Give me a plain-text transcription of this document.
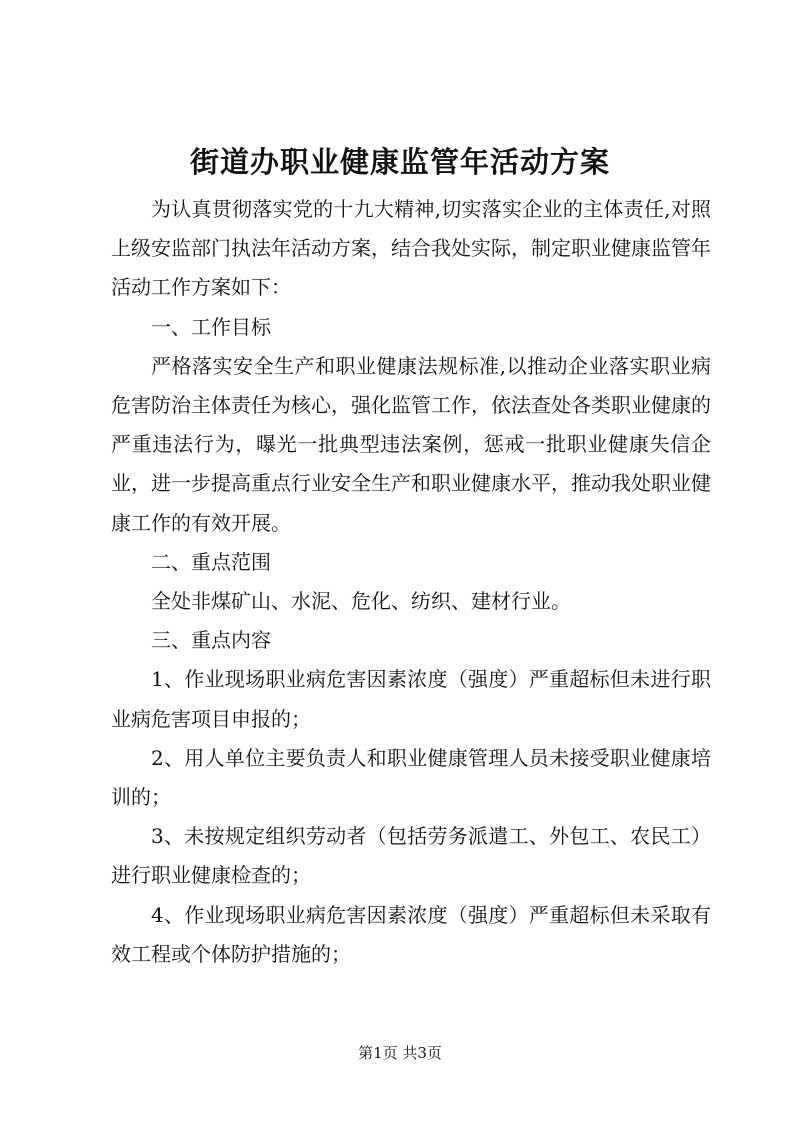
街道办职业健康监管年活动方案

为认真贯彻落实党的十九大精神,切实落实企业的主体责任,对照上级安监部门执法年活动方案，结合我处实际，制定职业健康监管年活动工作方案如下：

一、工作目标

严格落实安全生产和职业健康法规标准,以推动企业落实职业病危害防治主体责任为核心，强化监管工作，依法查处各类职业健康的严重违法行为，曝光一批典型违法案例，惩戒一批职业健康失信企业，进一步提高重点行业安全生产和职业健康水平，推动我处职业健康工作的有效开展。

二、重点范围

全处非煤矿山、水泥、危化、纺织、建材行业。

三、重点内容

1、作业现场职业病危害因素浓度（强度）严重超标但未进行职业病危害项目申报的；

2、用人单位主要负责人和职业健康管理人员未接受职业健康培训的；

3、未按规定组织劳动者（包括劳务派遣工、外包工、农民工）进行职业健康检查的；

4、作业现场职业病危害因素浓度（强度）严重超标但未采取有效工程或个体防护措施的；

第1页 共3页
